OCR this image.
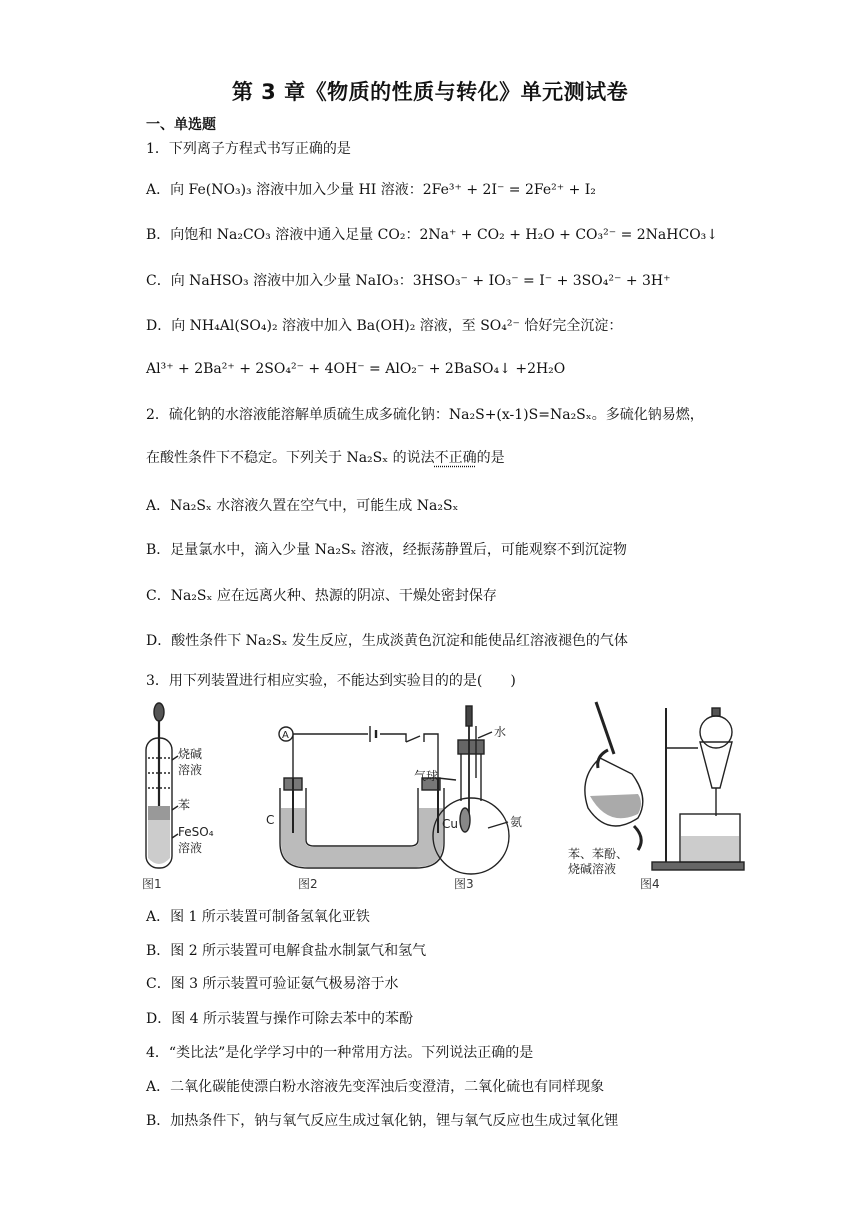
第 3 章《物质的性质与转化》单元测试卷
一、单选题
1．下列离子方程式书写正确的是
A．向 Fe(NO₃)₃ 溶液中加入少量 HI 溶液：2Fe³⁺ + 2I⁻ = 2Fe²⁺ + I₂
B．向饱和 Na₂CO₃ 溶液中通入足量 CO₂：2Na⁺ + CO₂ + H₂O + CO₃²⁻ = 2NaHCO₃↓
C．向 NaHSO₃ 溶液中加入少量 NaIO₃：3HSO₃⁻ + IO₃⁻ = I⁻ + 3SO₄²⁻ + 3H⁺
D．向 NH₄Al(SO₄)₂ 溶液中加入 Ba(OH)₂ 溶液，至 SO₄²⁻ 恰好完全沉淀：
Al³⁺ + 2Ba²⁺ + 2SO₄²⁻ + 4OH⁻ = AlO₂⁻ + 2BaSO₄↓ +2H₂O
2．硫化钠的水溶液能溶解单质硫生成多硫化钠：Na₂S+(x-1)S=Na₂Sₓ。多硫化钠易燃，
在酸性条件下不稳定。下列关于 Na₂Sₓ 的说法不正确的是
A．Na₂Sₓ 水溶液久置在空气中，可能生成 Na₂Sₓ
B．足量氯水中，滴入少量 Na₂Sₓ 溶液，经振荡静置后，可能观察不到沉淀物
C．Na₂Sₓ 应在远离火种、热源的阴凉、干燥处密封保存
D．酸性条件下 Na₂Sₓ 发生反应，生成淡黄色沉淀和能使品红溶液褪色的气体
3．用下列装置进行相应实验，不能达到实验目的的是(　　)
烧碱
溶液
苯
FeSO₄
溶液
图1
A
C	Cu
图2
水
气球
氨
图3
苯、苯酚、
烧碱溶液
图4
A．图 1 所示装置可制备氢氧化亚铁
B．图 2 所示装置可电解食盐水制氯气和氢气
C．图 3 所示装置可验证氨气极易溶于水
D．图 4 所示装置与操作可除去苯中的苯酚
4．“类比法”是化学学习中的一种常用方法。下列说法正确的是
A．二氧化碳能使漂白粉水溶液先变浑浊后变澄清，二氧化硫也有同样现象
B．加热条件下，钠与氧气反应生成过氧化钠，锂与氧气反应也生成过氧化锂
